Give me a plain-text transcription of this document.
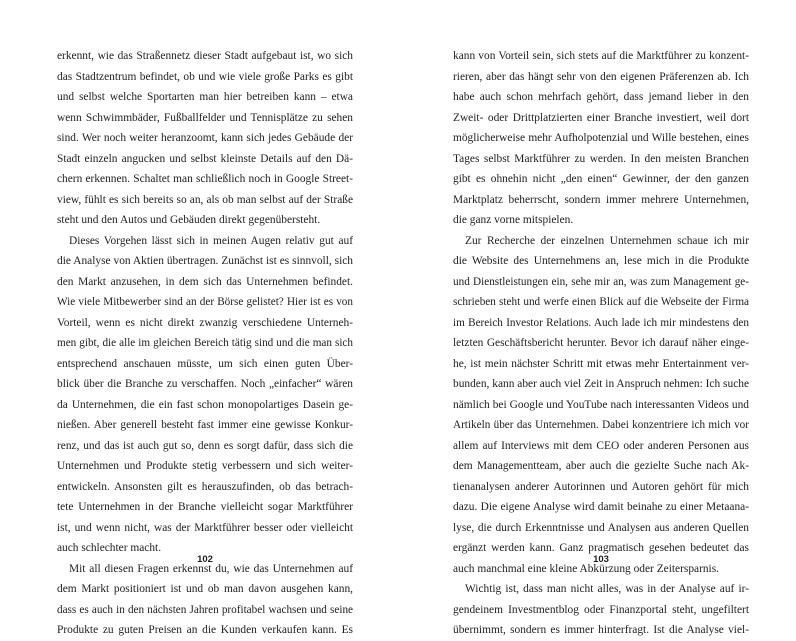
erkennt, wie das Straßennetz dieser Stadt aufgebaut ist, wo sich
das Stadtzentrum befindet, ob und wie viele große Parks es gibt
und selbst welche Sportarten man hier betreiben kann – etwa
wenn Schwimmbäder, Fußballfelder und Tennisplätze zu sehen
sind. Wer noch weiter heranzoomt, kann sich jedes Gebäude der
Stadt einzeln angucken und selbst kleinste Details auf den Dä-
chern erkennen. Schaltet man schließlich noch in Google Street-
view, fühlt es sich bereits so an, als ob man selbst auf der Straße
steht und den Autos und Gebäuden direkt gegenübersteht.
Dieses Vorgehen lässt sich in meinen Augen relativ gut auf
die Analyse von Aktien übertragen. Zunächst ist es sinnvoll, sich
den Markt anzusehen, in dem sich das Unternehmen befindet.
Wie viele Mitbewerber sind an der Börse gelistet? Hier ist es von
Vorteil, wenn es nicht direkt zwanzig verschiedene Unterneh-
men gibt, die alle im gleichen Bereich tätig sind und die man sich
entsprechend anschauen müsste, um sich einen guten Über-
blick über die Branche zu verschaffen. Noch „einfacher“ wären
da Unternehmen, die ein fast schon monopolartiges Dasein ge-
nießen. Aber generell besteht fast immer eine gewisse Konkur-
renz, und das ist auch gut so, denn es sorgt dafür, dass sich die
Unternehmen und Produkte stetig verbessern und sich weiter-
entwickeln. Ansonsten gilt es herauszufinden, ob das betrach-
tete Unternehmen in der Branche vielleicht sogar Marktführer
ist, und wenn nicht, was der Marktführer besser oder vielleicht
auch schlechter macht.
Mit all diesen Fragen erkennst du, wie das Unternehmen auf
dem Markt positioniert ist und ob man davon ausgehen kann,
dass es auch in den nächsten Jahren profitabel wachsen und seine
Produkte zu guten Preisen an die Kunden verkaufen kann. Es
102
kann von Vorteil sein, sich stets auf die Marktführer zu konzent-
rieren, aber das hängt sehr von den eigenen Präferenzen ab. Ich
habe auch schon mehrfach gehört, dass jemand lieber in den
Zweit- oder Drittplatzierten einer Branche investiert, weil dort
möglicherweise mehr Aufholpotenzial und Wille bestehen, eines
Tages selbst Marktführer zu werden. In den meisten Branchen
gibt es ohnehin nicht „den einen“ Gewinner, der den ganzen
Marktplatz beherrscht, sondern immer mehrere Unternehmen,
die ganz vorne mitspielen.
Zur Recherche der einzelnen Unternehmen schaue ich mir
die Website des Unternehmens an, lese mich in die Produkte
und Dienstleistungen ein, sehe mir an, was zum Management ge-
schrieben steht und werfe einen Blick auf die Webseite der Firma
im Bereich Investor Relations. Auch lade ich mir mindestens den
letzten Geschäftsbericht herunter. Bevor ich darauf näher einge-
he, ist mein nächster Schritt mit etwas mehr Entertainment ver-
bunden, kann aber auch viel Zeit in Anspruch nehmen: Ich suche
nämlich bei Google und YouTube nach interessanten Videos und
Artikeln über das Unternehmen. Dabei konzentriere ich mich vor
allem auf Interviews mit dem CEO oder anderen Personen aus
dem Managementteam, aber auch die gezielte Suche nach Ak-
tienanalysen anderer Autorinnen und Autoren gehört für mich
dazu. Die eigene Analyse wird damit beinahe zu einer Metaana-
lyse, die durch Erkenntnisse und Analysen aus anderen Quellen
ergänzt werden kann. Ganz pragmatisch gesehen bedeutet das
auch manchmal eine kleine Abkürzung oder Zeitersparnis.
Wichtig ist, dass man nicht alles, was in der Analyse auf ir-
gendeinem Investmentblog oder Finanzportal steht, ungefiltert
übernimmt, sondern es immer hinterfragt. Ist die Analyse viel-
103
